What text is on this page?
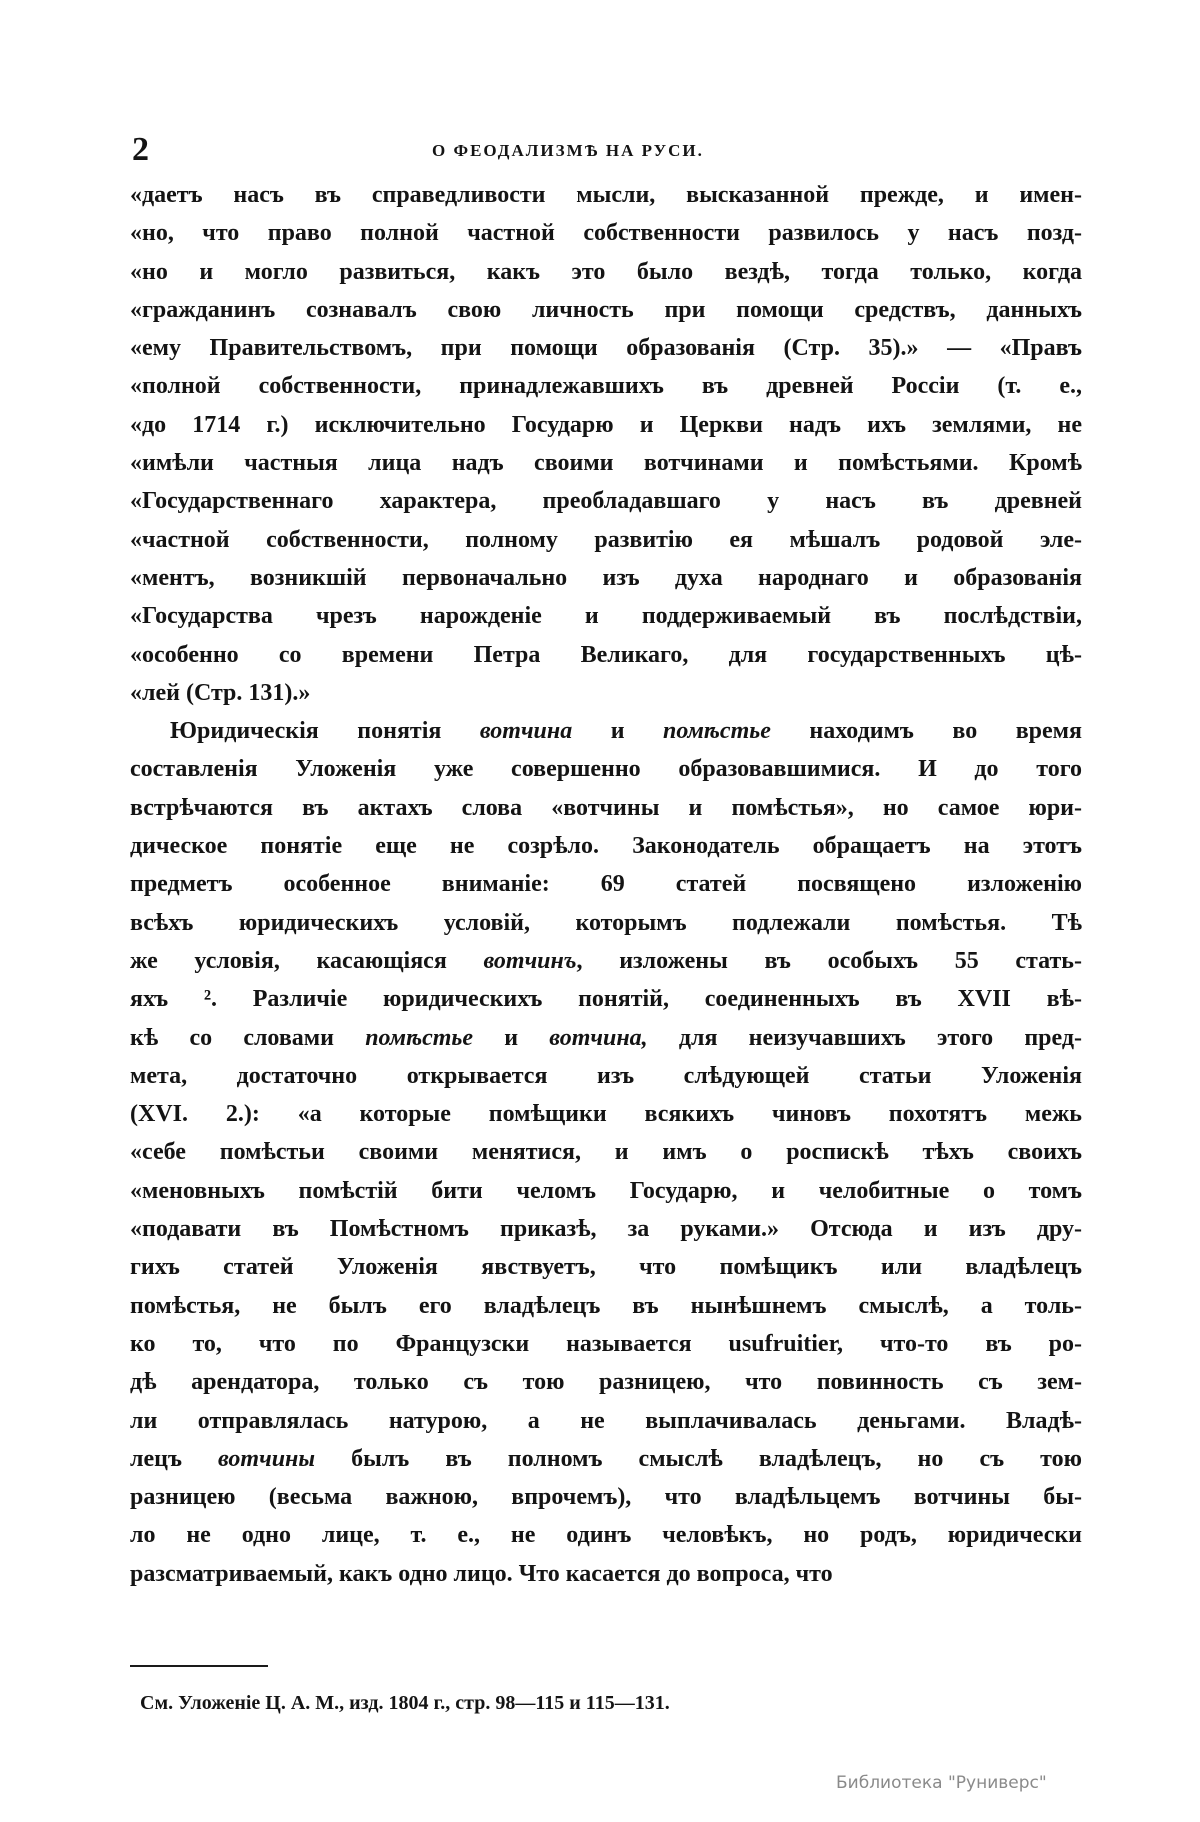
2	О ФЕОДАЛИЗМѢ НА РУСИ.
«даетъ насъ въ справедливости мысли, высказанной прежде, и имен-
«но, что право полной частной собственности развилось у насъ позд-
«но и могло развиться, какъ это было вездѣ, тогда только, когда
«гражданинъ сознавалъ свою личность при помощи средствъ, данныхъ
«ему Правительствомъ, при помощи образованія (Стр. 35).» — «Правъ
«полной собственности, принадлежавшихъ въ древней Россіи (т. е.,
«до 1714 г.) исключительно Государю и Церкви надъ ихъ землями, не
«имѣли частныя лица надъ своими вотчинами и помѣстьями. Кромѣ
«Государственнаго характера, преобладавшаго у насъ въ древней
«частной собственности, полному развитію ея мѣшалъ родовой эле-
«ментъ, возникшій первоначально изъ духа народнаго и образованія
«Государства чрезъ нарожденіе и поддерживаемый въ послѣдствіи,
«особенно со времени Петра Великаго, для государственныхъ цѣ-
«лей (Стр. 131).»
Юридическія понятія вотчина и помѣстье находимъ во время
составленія Уложенія уже совершенно образовавшимися. И до того
встрѣчаются въ актахъ слова «вотчины и помѣстья», но самое юри-
дическое понятіе еще не созрѣло. Законодатель обращаетъ на этотъ
предметъ особенное вниманіе: 69 статей посвящено изложенію
всѣхъ юридическихъ условій, которымъ подлежали помѣстья. Тѣ
же условія, касающіяся вотчинъ, изложены въ особыхъ 55 стать-
яхъ ². Различіе юридическихъ понятій, соединенныхъ въ XVII вѣ-
кѣ со словами помѣстье и вотчина, для неизучавшихъ этого пред-
мета, достаточно открывается изъ слѣдующей статьи Уложенія
(XVI. 2.): «а которые помѣщики всякихъ чиновъ похотятъ межь
«себе помѣстьи своими менятися, и имъ о роспискѣ тѣхъ своихъ
«меновныхъ помѣстій бити челомъ Государю, и челобитные о томъ
«подавати въ Помѣстномъ приказѣ, за руками.» Отсюда и изъ дру-
гихъ статей Уложенія явствуетъ, что помѣщикъ или владѣлецъ
помѣстья, не былъ его владѣлецъ въ нынѣшнемъ смыслѣ, а толь-
ко то, что по Французски называется usufruitier, что-то въ ро-
дѣ арендатора, только съ тою разницею, что повинность съ зем-
ли отправлялась натурою, а не выплачивалась деньгами. Владѣ-
лецъ вотчины былъ въ полномъ смыслѣ владѣлецъ, но съ тою
разницею (весьма важною, впрочемъ), что владѣльцемъ вотчины бы-
ло не одно лице, т. е., не одинъ человѣкъ, но родъ, юридически
разсматриваемый, какъ одно лицо. Что касается до вопроса, что
См. Уложеніе Ц. А. М., изд. 1804 г., стр. 98—115 и 115—131.
Библиотека "Руниверс"
